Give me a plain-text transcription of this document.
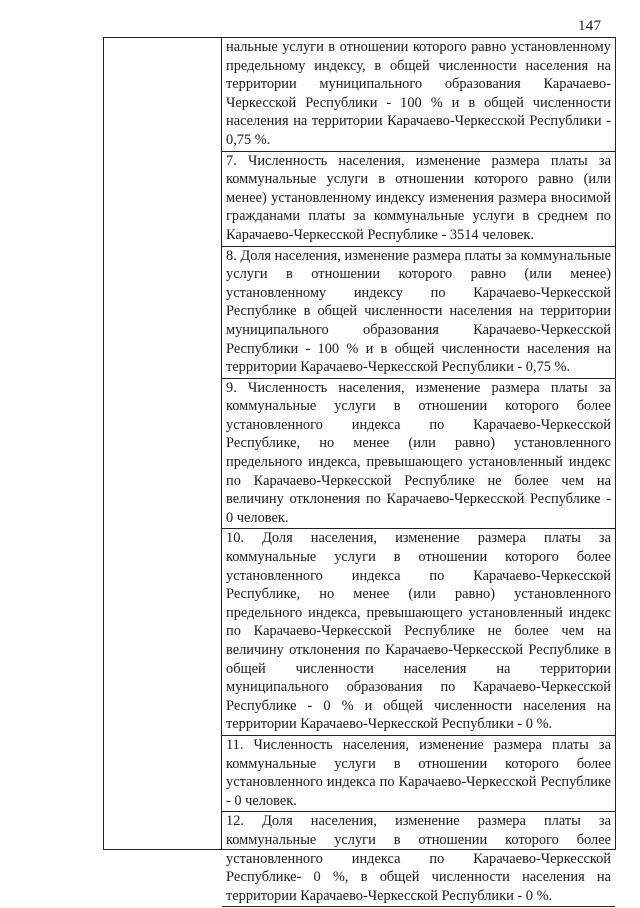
147
нальные услуги в отношении которого равно установленному предельному индексу, в общей численности населения на территории муниципального образования Карачаево-Черкесской Республики - 100 % и в общей численности населения на территории Карачаево-Черкесской Республики - 0,75 %.
7. Численность населения, изменение размера платы за коммунальные услуги в отношении которого равно (или менее) установленному индексу изменения размера вносимой гражданами платы за коммунальные услуги в среднем по Карачаево-Черкесской Республике - 3514 человек.
8. Доля населения, изменение размера платы за коммунальные услуги в отношении которого равно (или менее) установленному индексу по Карачаево-Черкесской Республике в общей численности населения на территории муниципального образования Карачаево-Черкесской Республики - 100 % и в общей численности населения на территории Карачаево-Черкесской Республики - 0,75 %.
9. Численность населения, изменение размера платы за коммунальные услуги в отношении которого более установленного индекса по Карачаево-Черкесской Республике, но менее (или равно) установленного предельного индекса, превышающего установленный индекс по Карачаево-Черкесской Республике не более чем на величину отклонения по Карачаево-Черкесской Республике - 0 человек.
10. Доля населения, изменение размера платы за коммунальные услуги в отношении которого более установленного индекса по Карачаево-Черкесской Республике, но менее (или равно) установленного предельного индекса, превышающего установленный индекс по Карачаево-Черкесской Республике не более чем на величину отклонения по Карачаево-Черкесской Республике в общей численности населения на территории муниципального образования по Карачаево-Черкесской Республике - 0 % и общей численности населения на территории Карачаево-Черкесской Республики - 0 %.
11. Численность населения, изменение размера платы за коммунальные услуги в отношении которого более установленного индекса по Карачаево-Черкесской Республике - 0 человек.
12. Доля населения, изменение размера платы за коммунальные услуги в отношении которого более установленного индекса по Карачаево-Черкесской Республике- 0 %, в общей численности населения на территории Карачаево-Черкесской Республики - 0 %.
